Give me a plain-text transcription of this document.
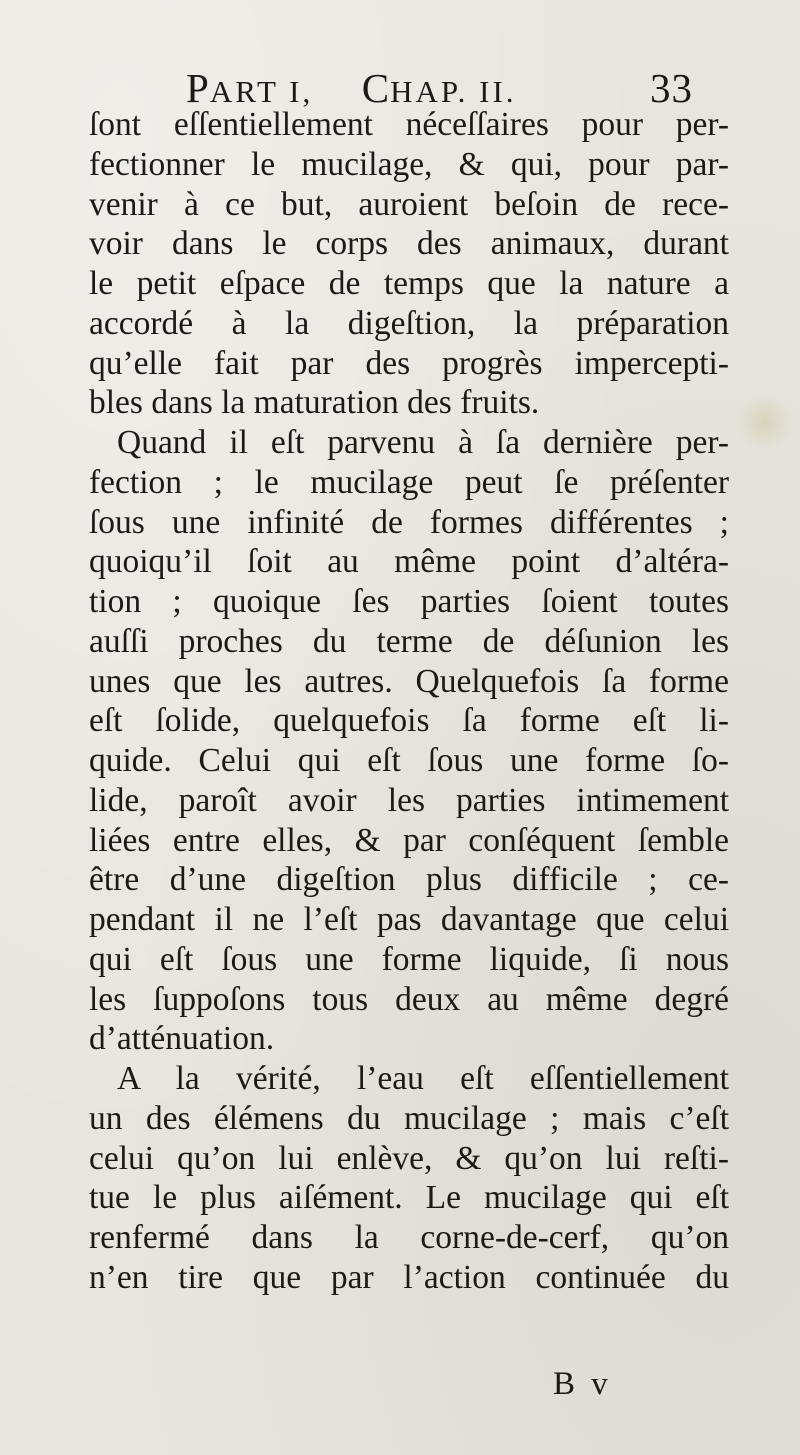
PART I, CHAP. II.	33
ſont eſſentiellement néceſſaires pour per-
fectionner le mucilage, & qui, pour par-
venir à ce but, auroient beſoin de rece-
voir dans le corps des animaux, durant
le petit eſpace de temps que la nature a
accordé à la digeſtion, la préparation
qu’elle fait par des progrès impercepti-
bles dans la maturation des fruits.
Quand il eſt parvenu à ſa dernière per-
fection ; le mucilage peut ſe préſenter
ſous une infinité de formes différentes ;
quoiqu’il ſoit au même point d’altéra-
tion ; quoique ſes parties ſoient toutes
auſſi proches du terme de déſunion les
unes que les autres. Quelquefois ſa forme
eſt ſolide, quelquefois ſa forme eſt li-
quide. Celui qui eſt ſous une forme ſo-
lide, paroît avoir les parties intimement
liées entre elles, & par conſéquent ſemble
être d’une digeſtion plus difficile ; ce-
pendant il ne l’eſt pas davantage que celui
qui eſt ſous une forme liquide, ſi nous
les ſuppoſons tous deux au même degré
d’atténuation.
A la vérité, l’eau eſt eſſentiellement
un des élémens du mucilage ; mais c’eſt
celui qu’on lui enlève, & qu’on lui reſti-
tue le plus aiſément. Le mucilage qui eſt
renfermé dans la corne-de-cerf, qu’on
n’en tire que par l’action continuée du
B v
